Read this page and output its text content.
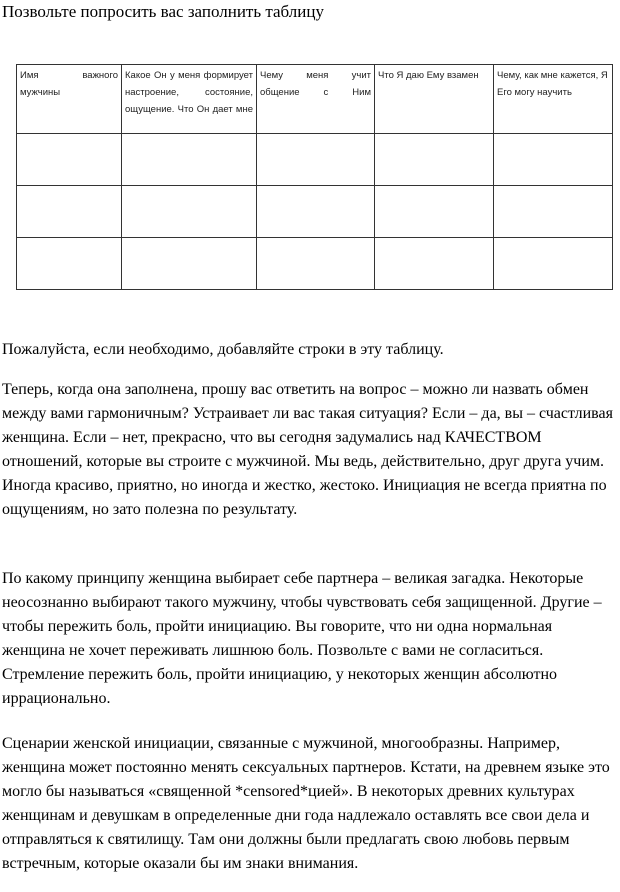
Позвольте попросить вас заполнить таблицу
Имя важного мужчины	Какое Он у меня формирует настроение, состояние, ощущение. Что Он дает мне	Чему меня учит общение с Ним	Что Я даю Ему взамен	Чему, как мне кажется, Я Его могу научить

Пожалуйста, если необходимо, добавляйте строки в эту таблицу.

Теперь, когда она заполнена, прошу вас ответить на вопрос – можно ли назвать обмен между вами гармоничным? Устраивает ли вас такая ситуация? Если – да, вы – счастливая женщина. Если – нет, прекрасно, что вы сегодня задумались над КАЧЕСТВОМ отношений, которые вы строите с мужчиной. Мы ведь, действительно, друг друга учим. Иногда красиво, приятно, но иногда и жестко, жестоко. Инициация не всегда приятна по ощущениям, но зато полезна по результату.

По какому принципу женщина выбирает себе партнера – великая загадка. Некоторые неосознанно выбирают такого мужчину, чтобы чувствовать себя защищенной. Другие – чтобы пережить боль, пройти инициацию. Вы говорите, что ни одна нормальная женщина не хочет переживать лишнюю боль. Позвольте с вами не согласиться. Стремление пережить боль, пройти инициацию, у некоторых женщин абсолютно иррационально.

Сценарии женской инициации, связанные с мужчиной, многообразны. Например, женщина может постоянно менять сексуальных партнеров. Кстати, на древнем языке это могло бы называться «священной *censored*цией». В некоторых древних культурах женщинам и девушкам в определенные дни года надлежало оставлять все свои дела и отправляться к святилищу. Там они должны были предлагать свою любовь первым встречным, которые оказали бы им знаки внимания.
